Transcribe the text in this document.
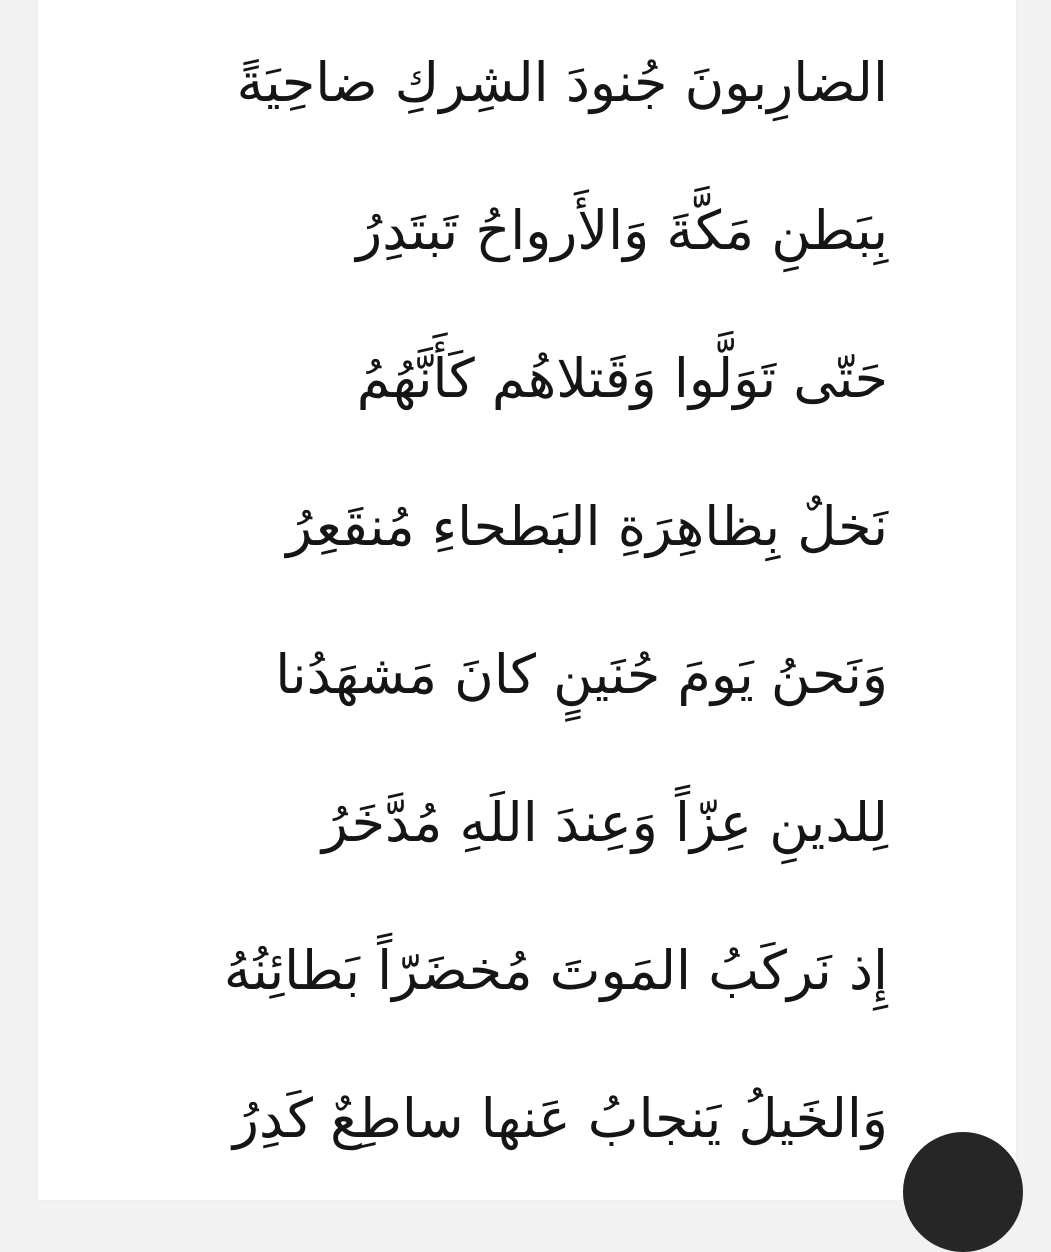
الضارِبونَ جُنودَ الشِركِ ضاحِيَةً
بِبَطنِ مَكَّةَ وَالأَرواحُ تَبتَدِرُ
حَتّى تَوَلَّوا وَقَتلاهُم كَأَنَّهُمُ
نَخلٌ بِظاهِرَةِ البَطحاءِ مُنقَعِرُ
وَنَحنُ يَومَ حُنَينٍ كانَ مَشهَدُنا
لِلدينِ عِزّاً وَعِندَ اللَهِ مُدَّخَرُ
إِذ نَركَبُ المَوتَ مُخضَرّاً بَطائِنُهُ
وَالخَيلُ يَنجابُ عَنها ساطِعٌ كَدِرُ
